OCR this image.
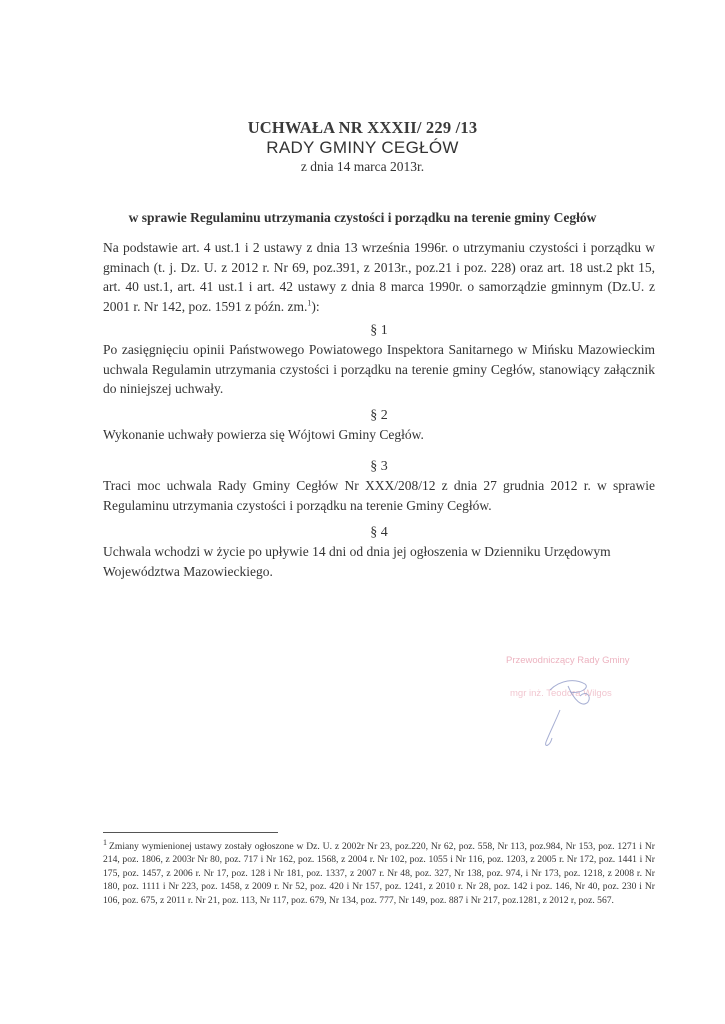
UCHWAŁA NR XXXII/ 229 /13
RADY GMINY CEGŁÓW
z dnia 14 marca 2013r.
w sprawie Regulaminu utrzymania czystości i porządku na terenie gminy Cegłów

Na podstawie art. 4 ust.1 i 2 ustawy z dnia 13 września 1996r. o utrzymaniu czystości i porządku w gminach (t. j. Dz. U. z 2012 r. Nr 69, poz.391, z 2013r., poz.21 i poz. 228) oraz art. 18 ust.2 pkt 15, art. 40 ust.1, art. 41 ust.1 i art. 42 ustawy z dnia 8 marca 1990r. o samorządzie gminnym (Dz.U. z 2001 r. Nr 142, poz. 1591 z późn. zm.$^1$):

§ 1

Po zasięgnięciu opinii Państwowego Powiatowego Inspektora Sanitarnego w Mińsku Mazowieckim uchwala Regulamin utrzymania czystości i porządku na terenie gminy Cegłów, stanowiący załącznik do niniejszej uchwały.

§ 2

Wykonanie uchwały powierza się Wójtowi Gminy Cegłów.

§ 3

Traci moc uchwala Rady Gminy Cegłów Nr XXX/208/12 z dnia 27 grudnia 2012 r. w sprawie Regulaminu utrzymania czystości i porządku na terenie Gminy Cegłów.

§ 4

Uchwala wchodzi w życie po upływie 14 dni od dnia jej ogłoszenia w Dzienniku Urzędowym Województwa Mazowieckiego.

Przewodniczący Rady Gminy
mgr inż. Teodora Wilgos
$^1$ Zmiany wymienionej ustawy zostały ogłoszone w Dz. U. z 2002r Nr 23, poz.220, Nr 62, poz. 558, Nr 113, poz.984, Nr 153, poz. 1271 i Nr 214, poz. 1806, z 2003r Nr 80, poz. 717 i Nr 162, poz. 1568, z 2004 r. Nr 102, poz. 1055 i Nr 116, poz. 1203, z 2005 r. Nr 172, poz. 1441 i Nr 175, poz. 1457, z 2006 r. Nr 17, poz. 128 i Nr 181, poz. 1337, z 2007 r. Nr 48, poz. 327, Nr 138, poz. 974, i Nr 173, poz. 1218, z 2008 r. Nr 180, poz. 1111 i Nr 223, poz. 1458, z 2009 r. Nr 52, poz. 420 i Nr 157, poz. 1241, z 2010 r. Nr 28, poz. 142 i poz. 146, Nr 40, poz. 230 i Nr 106, poz. 675, z 2011 r. Nr 21, poz. 113, Nr 117, poz. 679, Nr 134, poz. 777, Nr 149, poz. 887 i Nr 217, poz.1281, z 2012 r, poz. 567.
